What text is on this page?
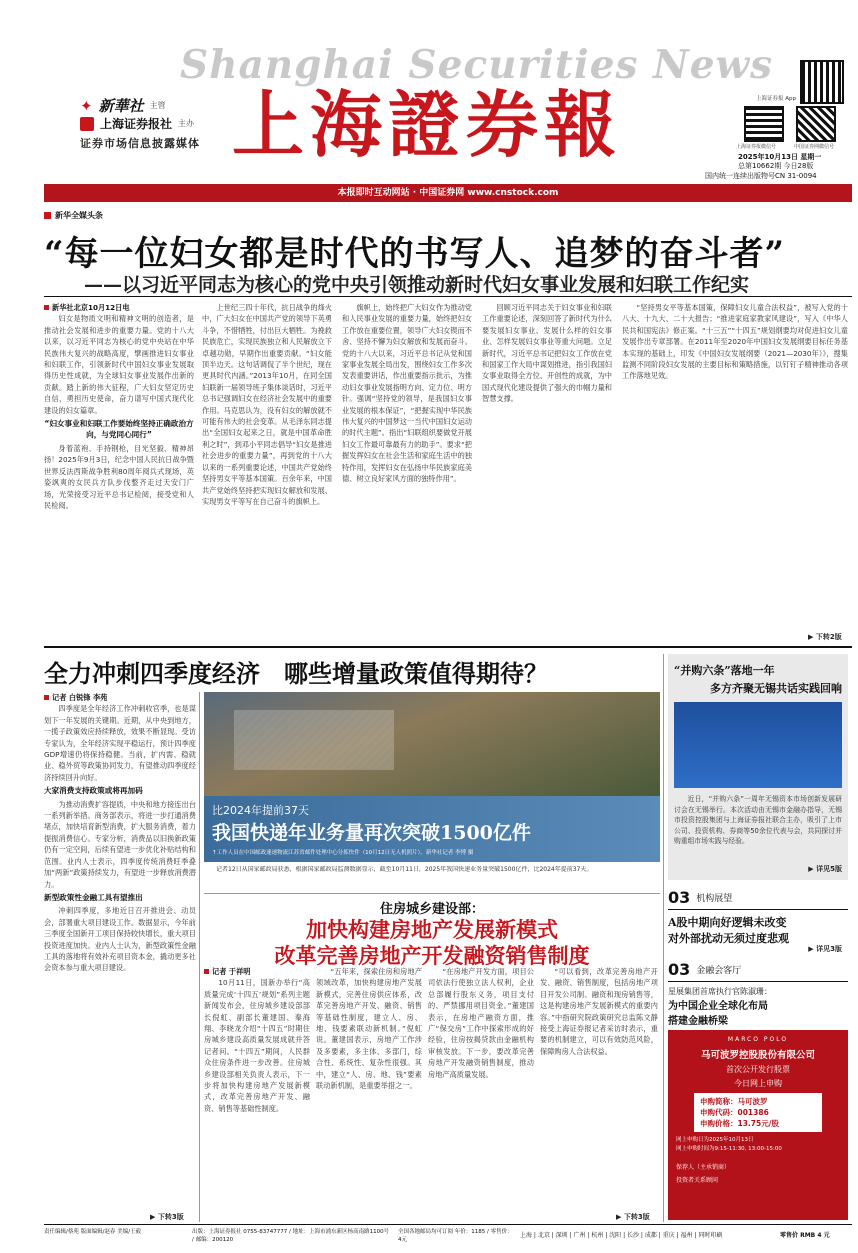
Shanghai Securities News
✦ 新華社 主管
上海证券报社 主办
证券市场信息披露媒体 上海證券報	上海证券报 App
上海证券报微信号	中国证券网微信号
2025年10月13日 星期一
总第10662期 今日28版
国内统一连续出版物号CN 31-0094
本报即时互动网站 · 中国证券网 www.cnstock.com
新华全媒头条
“每一位妇女都是时代的书写人、追梦的奋斗者”
——以习近平同志为核心的党中央引领推动新时代妇女事业发展和妇联工作纪实

新华社北京10月12日电

妇女是物质文明和精神文明的创造者，是推动社会发展和进步的重要力量。党的十八大以来，以习近平同志为核心的党中央站在中华民族伟大复兴的战略高度，擘画推进妇女事业和妇联工作，引领新时代中国妇女事业发展取得历史性成就，为全球妇女事业发展作出新的贡献。踏上新的伟大征程，广大妇女坚定历史自信，勇担历史使命，奋力谱写中国式现代化建设的妇女篇章。

“妇女事业和妇联工作要始终坚持正确政治方向，与党同心同行”

身着蓝袍、手持钢枪，目光坚毅、精神昂扬！2025年9月3日，纪念中国人民抗日战争暨世界反法西斯战争胜利80周年阅兵式现场，英姿飒爽的女民兵方队步伐整齐走过天安门广场，光荣接受习近平总书记检阅，接受党和人民检阅。

上世纪三四十年代，抗日战争的烽火中，广大妇女在中国共产党的领导下英勇斗争，不惜牺牲，付出巨大牺牲。为挽救民族危亡，实现民族独立和人民解放立下卓越功勋，早期作出重要贡献。“妇女能顶半边天。这句话调侃了半个世纪，现在更具时代内涵。”2013年10月，在同全国妇联新一届领导班子集体谈话时，习近平总书记强调妇女在经济社会发展中的重要作用。马克思认为，没有妇女的解放就不可能有伟大的社会变革。从毛泽东同志提出“全国妇女起来之日，就是中国革命胜利之时”，到邓小平同志倡导“妇女是推进社会进步的重要力量”，再到党的十八大以来的一系列重要论述，中国共产党始终坚持男女平等基本国策。百余年来，中国共产党始终坚持把实现妇女解放和发展、实现男女平等写在自己奋斗的旗帜上。

旗帜上，始终把广大妇女作为推动党和人民事业发展的重要力量，始终把妇女工作放在重要位置，领导广大妇女锲而不舍、坚持不懈为妇女解放和发展而奋斗。党的十八大以来，习近平总书记从党和国家事业发展全局出发，围绕妇女工作多次发表重要讲话，作出重要指示批示，为推动妇女事业发展指明方向、定力位、明方针。强调“坚持党的领导，是我国妇女事业发展的根本保证”，“把握实现中华民族伟大复兴的中国梦这一当代中国妇女运动的时代主题”。指出“妇联组织要做党开展妇女工作最可靠最有力的助手”。要求“把握发挥妇女在社会生活和家庭生活中的独特作用，发挥妇女在弘扬中华民族家庭美德、树立良好家风方面的独特作用”。

回顾习近平同志关于妇女事业和妇联工作重要论述，深刻回答了新时代为什么要发展妇女事业、发展什么样的妇女事业、怎样发展妇女事业等重大问题。立足新时代，习近平总书记把妇女工作放在党和国家工作大局中谋划推进，指引我国妇女事业取得全方位、开创性的成就，为中国式现代化建设提供了强大的巾帼力量和智慧支撑。

“坚持男女平等基本国策，保障妇女儿童合法权益”，被写入党的十八大、十九大、二十大报告；“推进家庭家教家风建设”，写入《中华人民共和国宪法》修正案。“十三五”“十四五”规划纲要均对促进妇女儿童发展作出专章部署。在2011年至2020年中国妇女发展纲要目标任务基本实现的基础上，印发《中国妇女发展纲要（2021—2030年）》，搜集监测不同阶段妇女发展的主要目标和策略措施，以钉钉子精神推动各项工作落地见效。

▶ 下转2版
全力冲刺四季度经济　哪些增量政策值得期待？

记者 白锐锋 李苑

四季度是全年经济工作冲刺收官季，也是谋划下一年发展的关键期。近期，从中央到地方，一揽子政策效应持续释放，效果不断显现。受访专家认为，全年经济实现平稳运行，预计四季度GDP增速仍将保持稳健。当前，扩内需、稳就业、稳外贸等政策协同发力，有望推动四季度经济持续回升向好。

大家消费支持政策或将再加码

为推动消费扩容提质，中央和地方接连出台一系列新举措。商务部表示，将进一步打通消费堵点，加快培育新型消费，扩大服务消费，着力提振消费信心。专家分析，消费品以旧换新政策仍有一定空间，后续有望进一步优化补贴结构和范围。业内人士表示，四季度传统消费旺季叠加“两新”政策持续发力，有望进一步释放消费潜力。

新型政策性金融工具有望推出

冲刺四季度，多地近日召开推进会、动员会，部署重大项目建设工作。数据显示，今年前三季度全国新开工项目保持较快增长，重大项目投资进度加快。业内人士认为，新型政策性金融工具的落地将有效补充项目资本金，撬动更多社会资本参与重大项目建设。

▶ 下转3版
比2024年提前37天
我国快递年业务量再次突破1500亿件
↑工作人员在中国邮政速递物流江苏省邮件处理中心分拣快件（10月12日无人机照片）。新华社记者 李博 摄

记者12日从国家邮政局获悉，根据国家邮政局监测数据显示，截至10月11日，2025年我国快递业务量突破1500亿件，比2024年提前37天。

住房城乡建设部：
加快构建房地产发展新模式
改革完善房地产开发融资销售制度

记者 于祥明

10月11日，国新办举行“高质量完成‘十四五’规划”系列主题新闻发布会，住房城乡建设部部长倪虹、副部长董建国、秦海翔、李晓龙介绍“十四五”时期住房城乡建设高质量发展成就并答记者问。“十四五”期间，人民群众住房条件进一步改善。住房城乡建设部相关负责人表示，下一步将加快构建房地产发展新模式，改革完善房地产开发、融资、销售等基础性制度。

“五年来，探索住房和房地产领域改革，加快构建房地产发展新模式，完善住房供应体系，改革完善房地产开发、融资、销售等基础性制度，建立人、房、地、钱要素联动新机制。”倪虹说。董建国表示，房地产工作涉及多要素，多主体、多部门，综合性、系统性、复杂性很强。其中，建立“人、房、地、钱”要素联动新机制，是重要举措之一。

“在房地产开发方面，项目公司依法行使独立法人权利，企业总部履行股东义务，项目支付的、严禁挪用项目资金。”董建国表示，在房地产融资方面，推广“保交房”工作中探索形成的好经验，住房按揭贷款由金融机构审核发放。下一步，要改革完善房地产开发融资销售制度，推动房地产高质量发展。

“可以看到，改革完善房地产开发、融资、销售制度，包括房地产项目开发公司制、融资和现房销售等，这是构建房地产发展新模式的重要内容。”中指研究院政策研究总监陈文静接受上海证券报记者采访时表示，重要的机制建立，可以有效防范风险，保障购房人合法权益。

▶ 下转3版
“并购六条”落地一年
多方齐聚无锡共话实践回响

近日，“并购六条”一周年无锡资本市场创新发展研讨会在无锡举行。本次活动由无锡市金融办指导，无锡市投资控股集团与上海证券报社联合主办，吸引了上市公司、投资机构、券商等50余位代表与会，共同探讨并购重组市场实践与经验。

▶ 详见5版
03 机构展望
A股中期向好逻辑未改变
对外部扰动无须过度悲观
▶ 详见3版
03 金融会客厅
星展集团首席执行官陈淑珊：
为中国企业全球化布局
搭建金融桥梁
MARCO POLO
马可波罗控股股份有限公司
首次公开发行股票
今日网上申购
申购简称：马可波罗
申购代码：001386
申购价格：13.75元/股
网上申购日为2025年10月13日
网上申购时间为9:15-11:30, 13:00-15:00
保荐人（主承销商）
投资者关系顾问
责任编辑/蔡苑 版面编辑/赵春 美编/王毅	出版：上海证券报社 0755-83747777 / 地址：上海市浦东新区杨高南路1100号 / 邮编：200120
全国各地邮局均可订阅 年价：1185 / 零售价：4元
上海 | 北京 | 深圳 | 广州 | 杭州 | 沈阳 | 长沙 | 成都 | 重庆 | 福州 | 同时印刷	零售价 RMB 4 元
